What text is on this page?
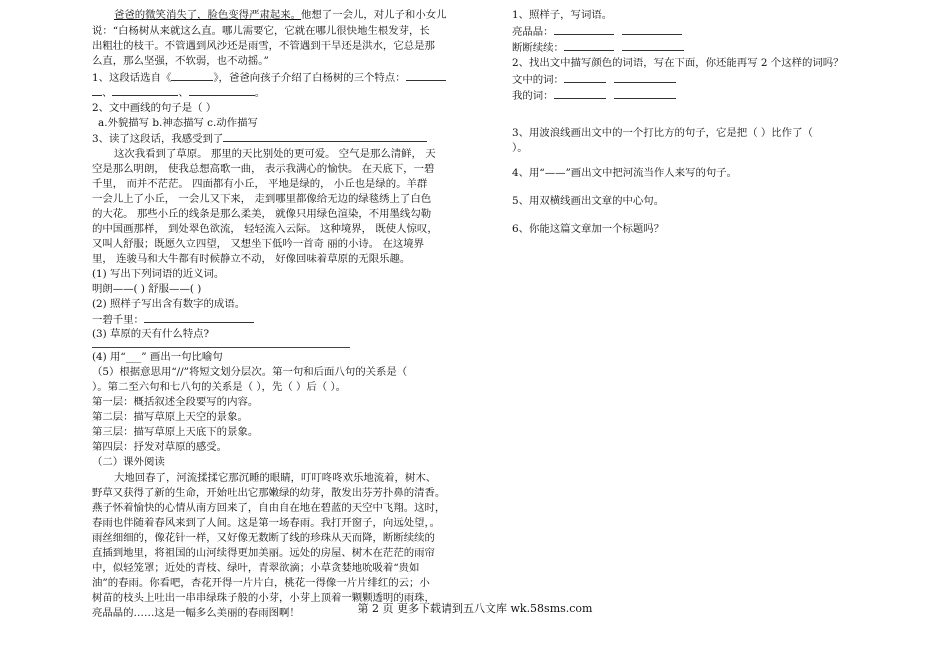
爸爸的微笑消失了，脸色变得严肃起来。他想了一会儿，对儿子和小女儿
说：“白杨树从来就这么直。哪儿需要它，它就在哪儿很快地生根发芽，长
出粗壮的枝干。不管遇到风沙还是雨雪，不管遇到干旱还是洪水，它总是那
么直，那么坚强，不软弱，也不动摇。”
1、这段话选自《	》，爸爸向孩子介绍了白杨树的三个特点：
、	、	。
2、文中画线的句子是（ ）
a.外貌描写 b.神态描写 c.动作描写
3、读了这段话，我感受到了
这次我看到了草原。 那里的天比别处的更可爱。 空气是那么清鲜， 天
空是那么明朗， 使我总想高歌一曲， 表示我满心的愉快。 在天底下，一碧
千里， 而并不茫茫。 四面都有小丘， 平地是绿的， 小丘也是绿的。羊群
一会儿上了小丘， 一会儿又下来， 走到哪里都像给无边的绿毯绣上了白色
的大花。 那些小丘的线条是那么柔美， 就像只用绿色渲染，不用墨线勾勒
的中国画那样， 到处翠色欲流， 轻轻流入云际。 这种境界， 既使人惊叹，
又叫人舒服；既愿久立四望， 又想坐下低吟一首奇 丽的小诗。 在这境界
里， 连骏马和大牛都有时候静立不动， 好像回味着草原的无限乐趣。
(1) 写出下列词语的近义词。
明朗——( ) 舒服——( )
(2) 照样子写出含有数字的成语。
一碧千里：
(3) 草原的天有什么特点?
(4) 用“___” 画出一句比喻句
（5）根据意思用“//”将短文划分层次。第一句和后面八句的关系是（
）。第二至六句和七八句的关系是（ ），先（ ）后（ ）。
第一层：概括叙述全段要写的内容。
第二层：描写草原上天空的景象。
第三层：描写草原上天底下的景象。
第四层：抒发对草原的感受。
（二）课外阅读
大地回春了，河流揉揉它那沉睡的眼睛，叮叮咚咚欢乐地流着，树木、
野草又获得了新的生命，开始吐出它那嫩绿的幼芽，散发出芬芳扑鼻的清香。
燕子怀着愉快的心情从南方回来了，自由自在地在碧蓝的天空中飞翔。这时，
春雨也伴随着春风来到了人间。这是第一场春雨。我打开窗子，向远处望，。
雨丝细细的，像花针一样，又好像无数断了线的珍珠从天而降，断断续续的
直插到地里，将祖国的山河续得更加美丽。远处的房屋、树木在茫茫的雨帘
中，似轻笼罩；近处的青枝、绿叶，青翠欲滴；小草贪婪地吮吸着“贵如
油”的春雨。你看吧，杏花开得一片片白，桃花一得像一片片绯红的云；小
树苗的枝头上吐出一串串绿珠子般的小芽，小芽上顶着一颗颗透明的雨珠，
亮晶晶的……这是一幅多么美丽的春雨图啊！
1、照样子，写词语。
亮晶晶：
断断续续：
2、找出文中描写颜色的词语，写在下面，你还能再写 2 个这样的词吗？
文中的词：
我的词：
3、用波浪线画出文中的一个打比方的句子，它是把（ ）比作了（
）。
4、用“——”画出文中把河流当作人来写的句子。
5、用双横线画出文章的中心句。
6、你能这篇文章加一个标题吗？
第 2 页 更多下载请到五八文库 wk.58sms.com
